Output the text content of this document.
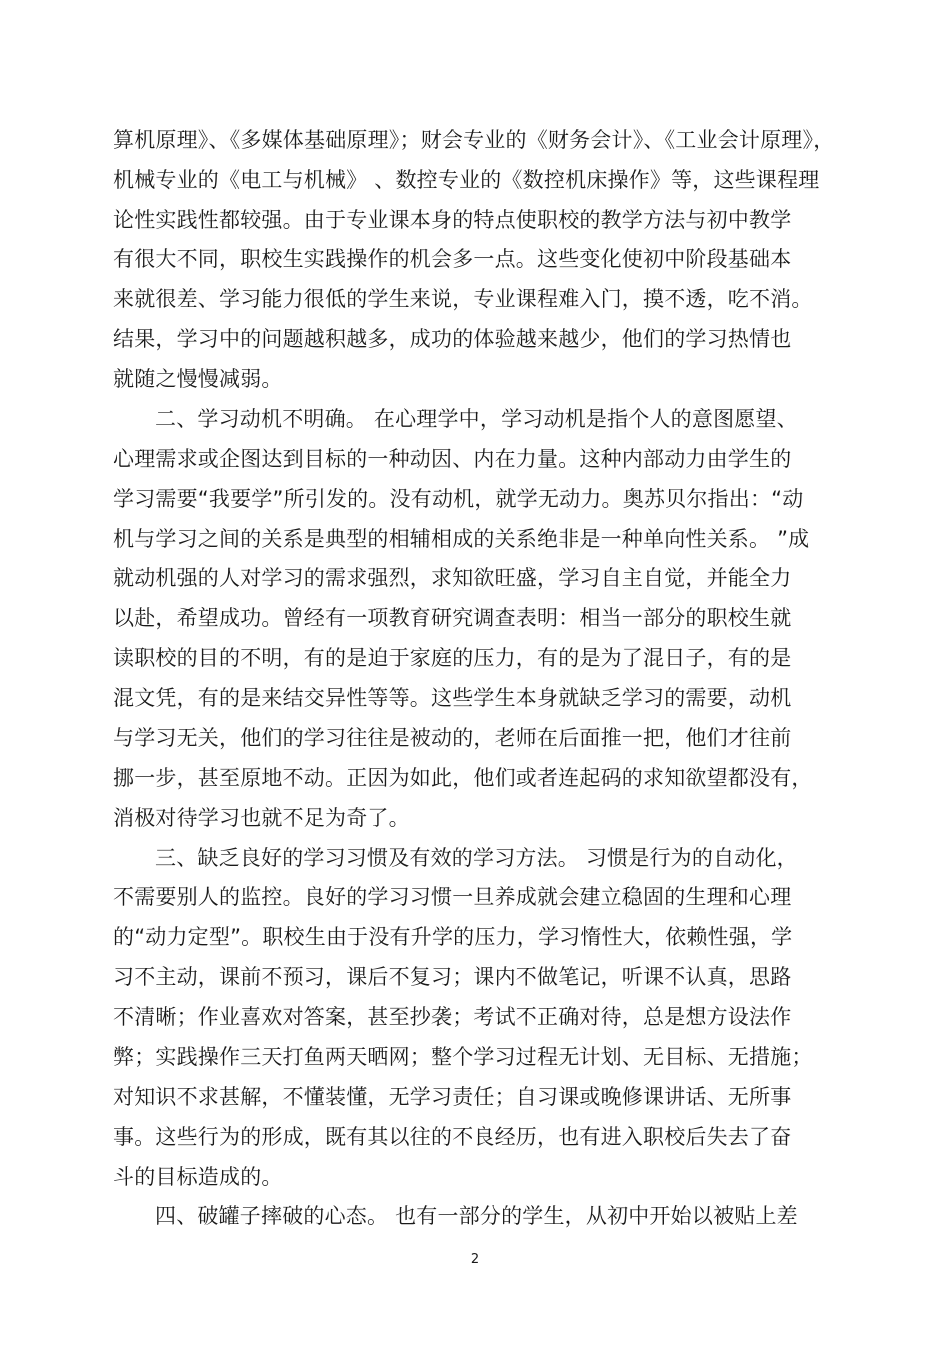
算机原理》、《多媒体基础原理》；财会专业的《财务会计》、《工业会计原理》，
机械专业的《电工与机械》 、数控专业的《数控机床操作》等，这些课程理
论性实践性都较强。由于专业课本身的特点使职校的教学方法与初中教学
有很大不同，职校生实践操作的机会多一点。这些变化使初中阶段基础本
来就很差、学习能力很低的学生来说，专业课程难入门，摸不透，吃不消。
结果，学习中的问题越积越多，成功的体验越来越少，他们的学习热情也
就随之慢慢减弱。
二、学习动机不明确。 在心理学中，学习动机是指个人的意图愿望、
心理需求或企图达到目标的一种动因、内在力量。这种内部动力由学生的
学习需要“我要学”所引发的。没有动机，就学无动力。奥苏贝尔指出：“动
机与学习之间的关系是典型的相辅相成的关系绝非是一种单向性关系。 ”成
就动机强的人对学习的需求强烈，求知欲旺盛，学习自主自觉，并能全力
以赴，希望成功。曾经有一项教育研究调查表明：相当一部分的职校生就
读职校的目的不明，有的是迫于家庭的压力，有的是为了混日子，有的是
混文凭，有的是来结交异性等等。这些学生本身就缺乏学习的需要，动机
与学习无关，他们的学习往往是被动的，老师在后面推一把，他们才往前
挪一步，甚至原地不动。正因为如此，他们或者连起码的求知欲望都没有，
消极对待学习也就不足为奇了。
三、缺乏良好的学习习惯及有效的学习方法。 习惯是行为的自动化，
不需要别人的监控。良好的学习习惯一旦养成就会建立稳固的生理和心理
的“动力定型”。职校生由于没有升学的压力，学习惰性大，依赖性强，学
习不主动，课前不预习，课后不复习；课内不做笔记，听课不认真，思路
不清晰；作业喜欢对答案，甚至抄袭；考试不正确对待，总是想方设法作
弊；实践操作三天打鱼两天晒网；整个学习过程无计划、无目标、无措施；
对知识不求甚解，不懂装懂，无学习责任；自习课或晚修课讲话、无所事
事。这些行为的形成，既有其以往的不良经历，也有进入职校后失去了奋
斗的目标造成的。
四、破罐子摔破的心态。 也有一部分的学生，从初中开始以被贴上差
2
